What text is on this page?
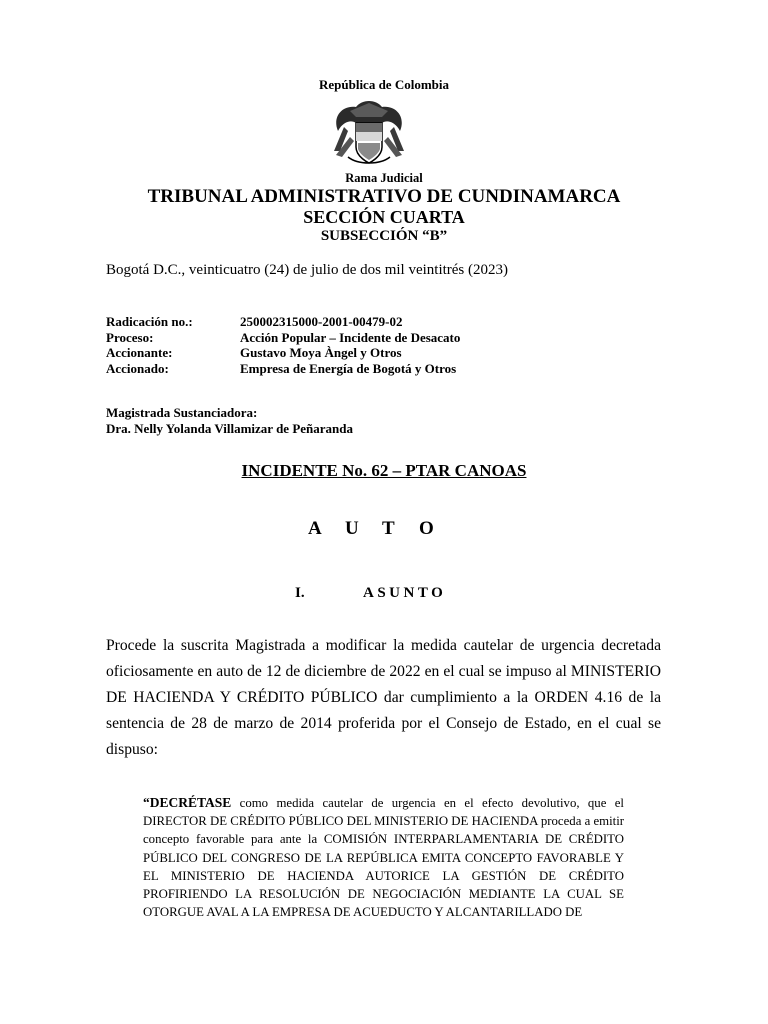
República de Colombia
Rama Judicial
TRIBUNAL ADMINISTRATIVO DE CUNDINAMARCA
SECCIÓN CUARTA
SUBSECCIÓN “B”
Bogotá D.C., veinticuatro (24) de julio de dos mil veintitrés (2023)
Radicación no.:	250002315000-2001-00479-02
Proceso:	Acción Popular – Incidente de Desacato
Accionante:	Gustavo Moya Àngel y Otros
Accionado:	Empresa de Energía de Bogotá y Otros
Magistrada Sustanciadora:
Dra. Nelly Yolanda Villamizar de Peñaranda
INCIDENTE No. 62 – PTAR CANOAS
A U T O
I.	ASUNTO

Procede la suscrita Magistrada a modificar la medida cautelar de urgencia decretada oficiosamente en auto de 12 de diciembre de 2022 en el cual se impuso al MINISTERIO DE HACIENDA Y CRÉDITO PÚBLICO dar cumplimiento a la ORDEN 4.16 de la sentencia de 28 de marzo de 2014 proferida por el Consejo de Estado, en el cual se dispuso:

“DECRÉTASE como medida cautelar de urgencia en el efecto devolutivo, que el DIRECTOR DE CRÉDITO PÚBLICO DEL MINISTERIO DE HACIENDA proceda a emitir concepto favorable para ante la COMISIÓN INTERPARLAMENTARIA DE CRÉDITO PÚBLICO DEL CONGRESO DE LA REPÚBLICA EMITA CONCEPTO FAVORABLE Y EL MINISTERIO DE HACIENDA AUTORICE LA GESTIÓN DE CRÉDITO PROFIRIENDO LA RESOLUCIÓN DE NEGOCIACIÓN MEDIANTE LA CUAL SE OTORGUE AVAL A LA EMPRESA DE ACUEDUCTO Y ALCANTARILLADO DE
